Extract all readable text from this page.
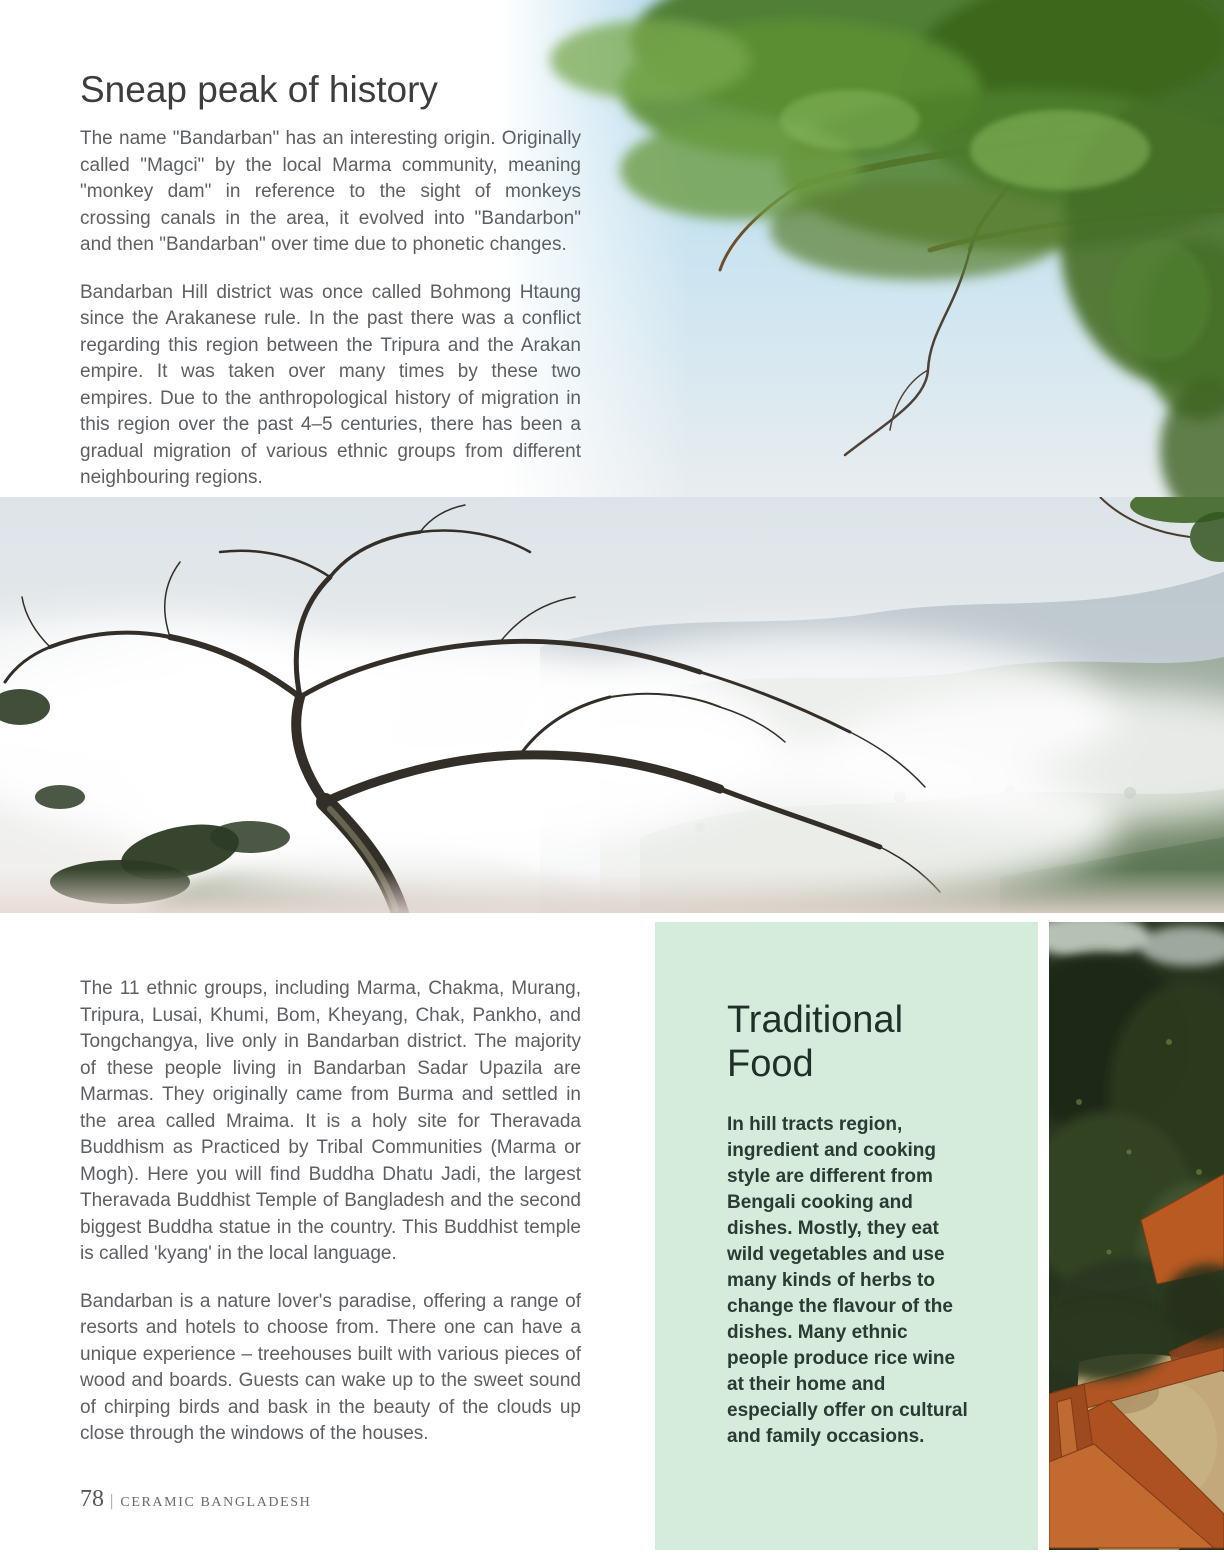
Sneap peak of history

The name "Bandarban" has an interesting origin. Originally called "Magci" by the local Marma community, meaning "monkey dam" in reference to the sight of monkeys crossing canals in the area, it evolved into "Bandarbon" and then "Bandarban" over time due to phonetic changes.

Bandarban Hill district was once called Bohmong Htaung since the Arakanese rule. In the past there was a conflict regarding this region between the Tripura and the Arakan empire. It was taken over many times by these two empires. Due to the anthropological history of migration in this region over the past 4–5 centuries, there has been a gradual migration of various ethnic groups from different neighbouring regions.

The 11 ethnic groups, including Marma, Chakma, Murang, Tripura, Lusai, Khumi, Bom, Kheyang, Chak, Pankho, and Tongchangya, live only in Bandarban district. The majority of these people living in Bandarban Sadar Upazila are Marmas. They originally came from Burma and settled in the area called Mraima. It is a holy site for Theravada Buddhism as Practiced by Tribal Communities (Marma or Mogh). Here you will find Buddha Dhatu Jadi, the largest Theravada Buddhist Temple of Bangladesh and the second biggest Buddha statue in the country. This Buddhist temple is called 'kyang' in the local language.

Bandarban is a nature lover's paradise, offering a range of resorts and hotels to choose from. There one can have a unique experience – treehouses built with various pieces of wood and boards. Guests can wake up to the sweet sound of chirping birds and bask in the beauty of the clouds up close through the windows of the houses.

Traditional Food

In hill tracts region, ingredient and cooking style are different from Bengali cooking and dishes. Mostly, they eat wild vegetables and use many kinds of herbs to change the flavour of the dishes. Many ethnic people produce rice wine at their home and especially offer on cultural and family occasions.

78 | CERAMIC BANGLADESH
